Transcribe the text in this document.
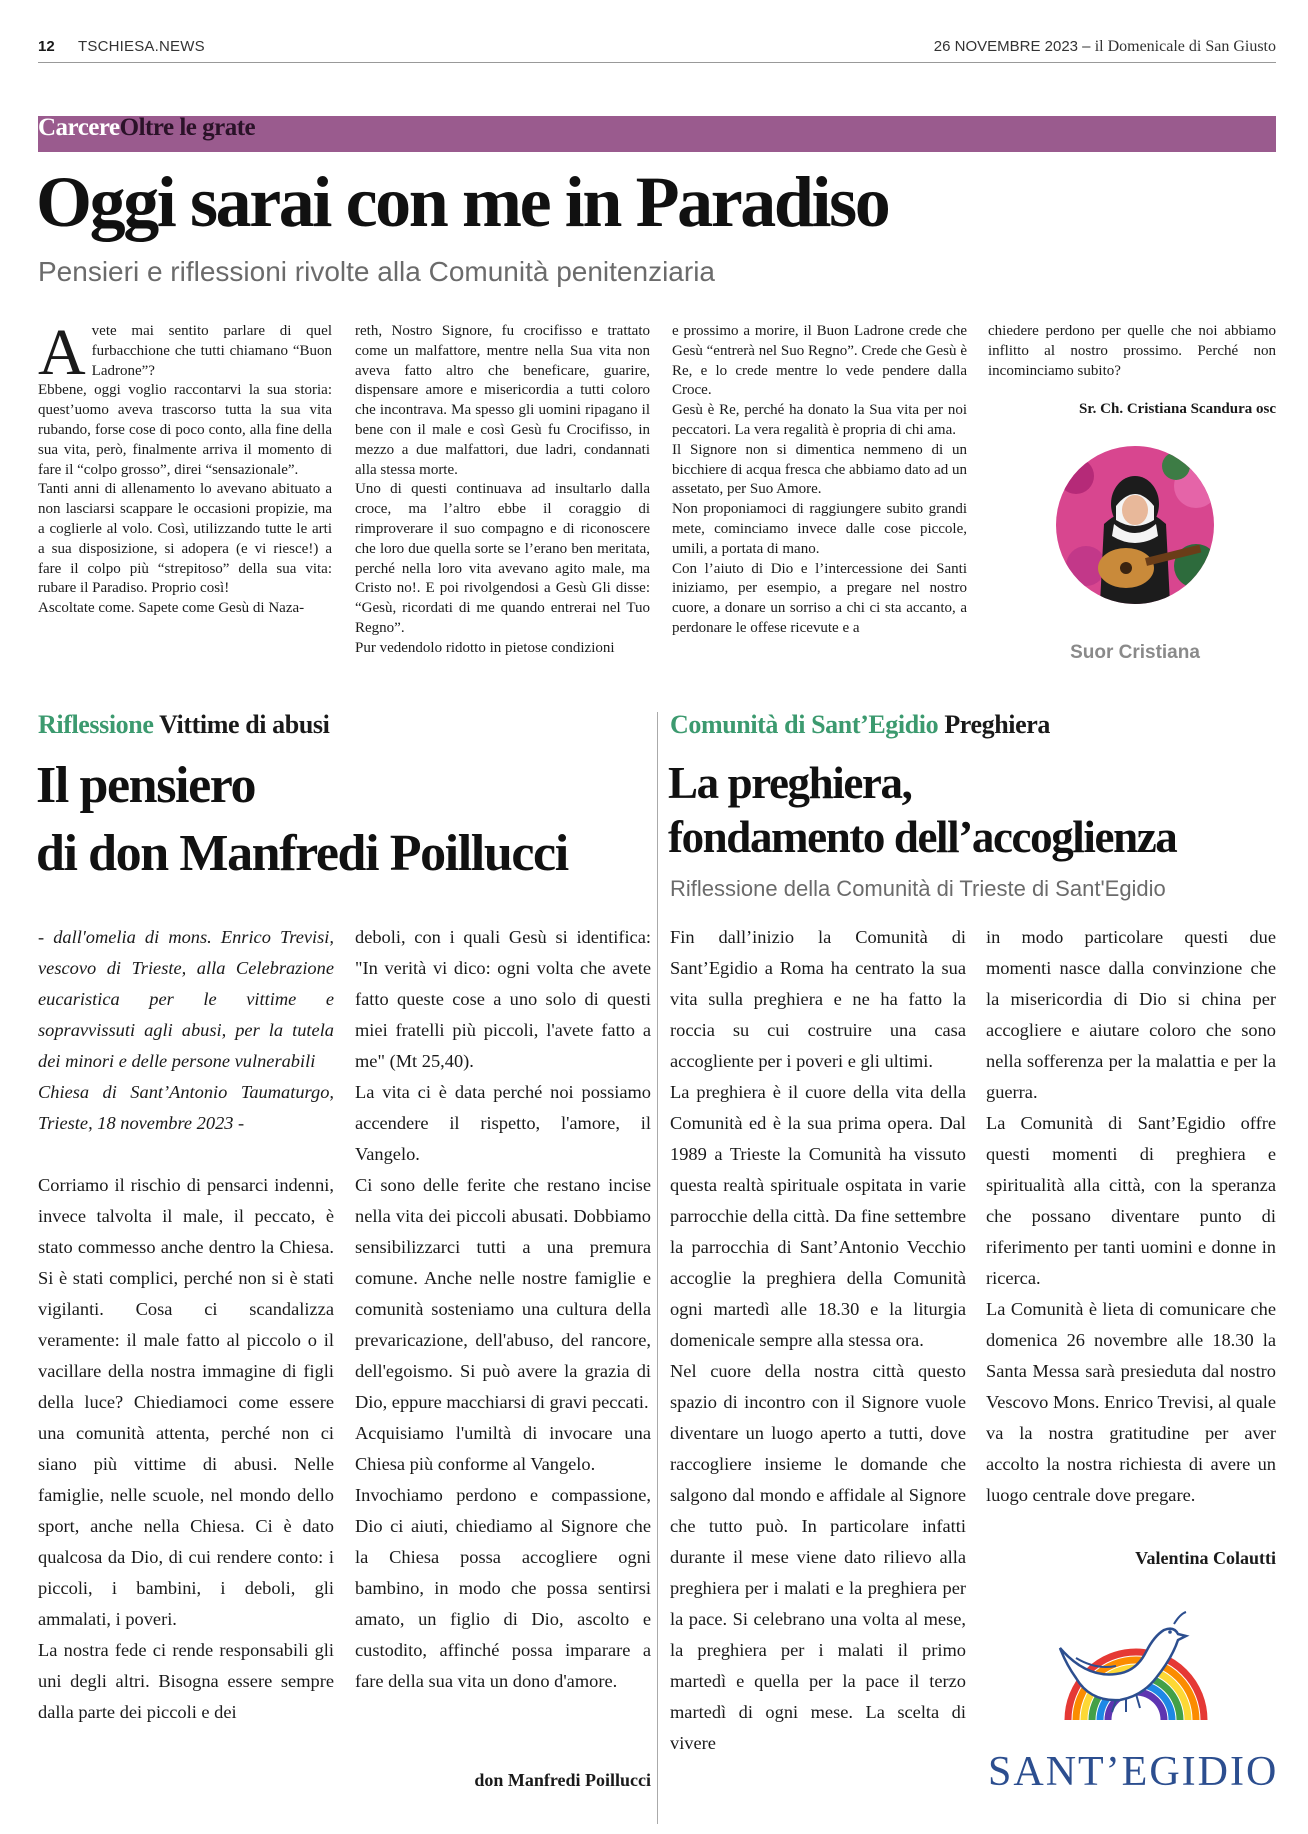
12 TSCHIESA.NEWS	26 NOVEMBRE 2023 – il Domenicale di San Giusto
CarcereOltre le grate
Oggi sarai con me in Paradiso
Pensieri e riflessioni rivolte alla Comunità penitenziaria

Avete mai sentito parlare di quel furbacchione che tutti chiamano “Buon Ladrone”?

Ebbene, oggi voglio raccontarvi la sua storia: quest’uomo aveva trascorso tutta la sua vita rubando, forse cose di poco conto, alla fine della sua vita, però, finalmente arriva il momento di fare il “colpo grosso”, direi “sensazionale”.

Tanti anni di allenamento lo avevano abituato a non lasciarsi scappare le occasioni propizie, ma a coglierle al volo. Così, utilizzando tutte le arti a sua disposizione, si adopera (e vi riesce!) a fare il colpo più “strepitoso” della sua vita: rubare il Paradiso. Proprio così!

Ascoltate come. Sapete come Gesù di Naza-

reth, Nostro Signore, fu crocifisso e trattato come un malfattore, mentre nella Sua vita non aveva fatto altro che beneficare, guarire, dispensare amore e misericordia a tutti coloro che incontrava. Ma spesso gli uomini ripagano il bene con il male e così Gesù fu Crocifisso, in mezzo a due malfattori, due ladri, condannati alla stessa morte.

Uno di questi continuava ad insultarlo dalla croce, ma l’altro ebbe il coraggio di rimproverare il suo compagno e di riconoscere che loro due quella sorte se l’erano ben meritata, perché nella loro vita avevano agito male, ma Cristo no!. E poi rivolgendosi a Gesù Gli disse: “Gesù, ricordati di me quando entrerai nel Tuo Regno”.

Pur vedendolo ridotto in pietose condizioni

e prossimo a morire, il Buon Ladrone crede che Gesù “entrerà nel Suo Regno”. Crede che Gesù è Re, e lo crede mentre lo vede pendere dalla Croce.

Gesù è Re, perché ha donato la Sua vita per noi peccatori. La vera regalità è propria di chi ama.

Il Signore non si dimentica nemmeno di un bicchiere di acqua fresca che abbiamo dato ad un assetato, per Suo Amore.

Non proponiamoci di raggiungere subito grandi mete, cominciamo invece dalle cose piccole, umili, a portata di mano.

Con l’aiuto di Dio e l’intercessione dei Santi iniziamo, per esempio, a pregare nel nostro cuore, a donare un sorriso a chi ci sta accanto, a perdonare le offese ricevute e a

chiedere perdono per quelle che noi abbiamo inflitto al nostro prossimo. Perché non incominciamo subito?

Sr. Ch. Cristiana Scandura osc
Suor Cristiana
Riflessione Vittime di abusi	Comunità di Sant’Egidio Preghiera
Il pensiero
di don Manfredi Poillucci

- dall'omelia di mons. Enrico Trevisi, vescovo di Trieste, alla Celebrazione eucaristica per le vittime e sopravvissuti agli abusi, per la tutela dei minori e delle persone vulnerabili

Chiesa di Sant’Antonio Taumaturgo, Trieste, 18 novembre 2023 -

Corriamo il rischio di pensarci indenni, invece talvolta il male, il peccato, è stato commesso anche dentro la Chiesa. Si è stati complici, perché non si è stati vigilanti. Cosa ci scandalizza veramente: il male fatto al piccolo o il vacillare della nostra immagine di figli della luce? Chiediamoci come essere una comunità attenta, perché non ci siano più vittime di abusi. Nelle famiglie, nelle scuole, nel mondo dello sport, anche nella Chiesa. Ci è dato qualcosa da Dio, di cui rendere conto: i piccoli, i bambini, i deboli, gli ammalati, i poveri.

La nostra fede ci rende responsabili gli uni degli altri. Bisogna essere sempre dalla parte dei piccoli e dei

deboli, con i quali Gesù si identifica: "In verità vi dico: ogni volta che avete fatto queste cose a uno solo di questi miei fratelli più piccoli, l'avete fatto a me" (Mt 25,40).

La vita ci è data perché noi possiamo accendere il rispetto, l'amore, il Vangelo.

Ci sono delle ferite che restano incise nella vita dei piccoli abusati. Dobbiamo sensibilizzarci tutti a una premura comune. Anche nelle nostre famiglie e comunità sosteniamo una cultura della prevaricazione, dell'abuso, del rancore, dell'egoismo. Si può avere la grazia di Dio, eppure macchiarsi di gravi peccati.

Acquisiamo l'umiltà di invocare una Chiesa più conforme al Vangelo.

Invochiamo perdono e compassione, Dio ci aiuti, chiediamo al Signore che la Chiesa possa accogliere ogni bambino, in modo che possa sentirsi amato, un figlio di Dio, ascolto e custodito, affinché possa imparare a fare della sua vita un dono d'amore.

don Manfredi Poillucci
La preghiera,
fondamento dell’accoglienza
Riflessione della Comunità di Trieste di Sant'Egidio

Fin dall’inizio la Comunità di Sant’Egidio a Roma ha centrato la sua vita sulla preghiera e ne ha fatto la roccia su cui costruire una casa accogliente per i poveri e gli ultimi.

La preghiera è il cuore della vita della Comunità ed è la sua prima opera. Dal 1989 a Trieste la Comunità ha vissuto questa realtà spirituale ospitata in varie parrocchie della città. Da fine settembre la parrocchia di Sant’Antonio Vecchio accoglie la preghiera della Comunità ogni martedì alle 18.30 e la liturgia domenicale sempre alla stessa ora.

Nel cuore della nostra città questo spazio di incontro con il Signore vuole diventare un luogo aperto a tutti, dove raccogliere insieme le domande che salgono dal mondo e affidale al Signore che tutto può. In particolare infatti durante il mese viene dato rilievo alla preghiera per i malati e la preghiera per la pace. Si celebrano una volta al mese, la preghiera per i malati il primo martedì e quella per la pace il terzo martedì di ogni mese. La scelta di vivere

in modo particolare questi due momenti nasce dalla convinzione che la misericordia di Dio si china per accogliere e aiutare coloro che sono nella sofferenza per la malattia e per la guerra.

La Comunità di Sant’Egidio offre questi momenti di preghiera e spiritualità alla città, con la speranza che possano diventare punto di riferimento per tanti uomini e donne in ricerca.

La Comunità è lieta di comunicare che domenica 26 novembre alle 18.30 la Santa Messa sarà presieduta dal nostro Vescovo Mons. Enrico Trevisi, al quale va la nostra gratitudine per aver accolto la nostra richiesta di avere un luogo centrale dove pregare.

Valentina Colautti
SANT’EGIDIO
